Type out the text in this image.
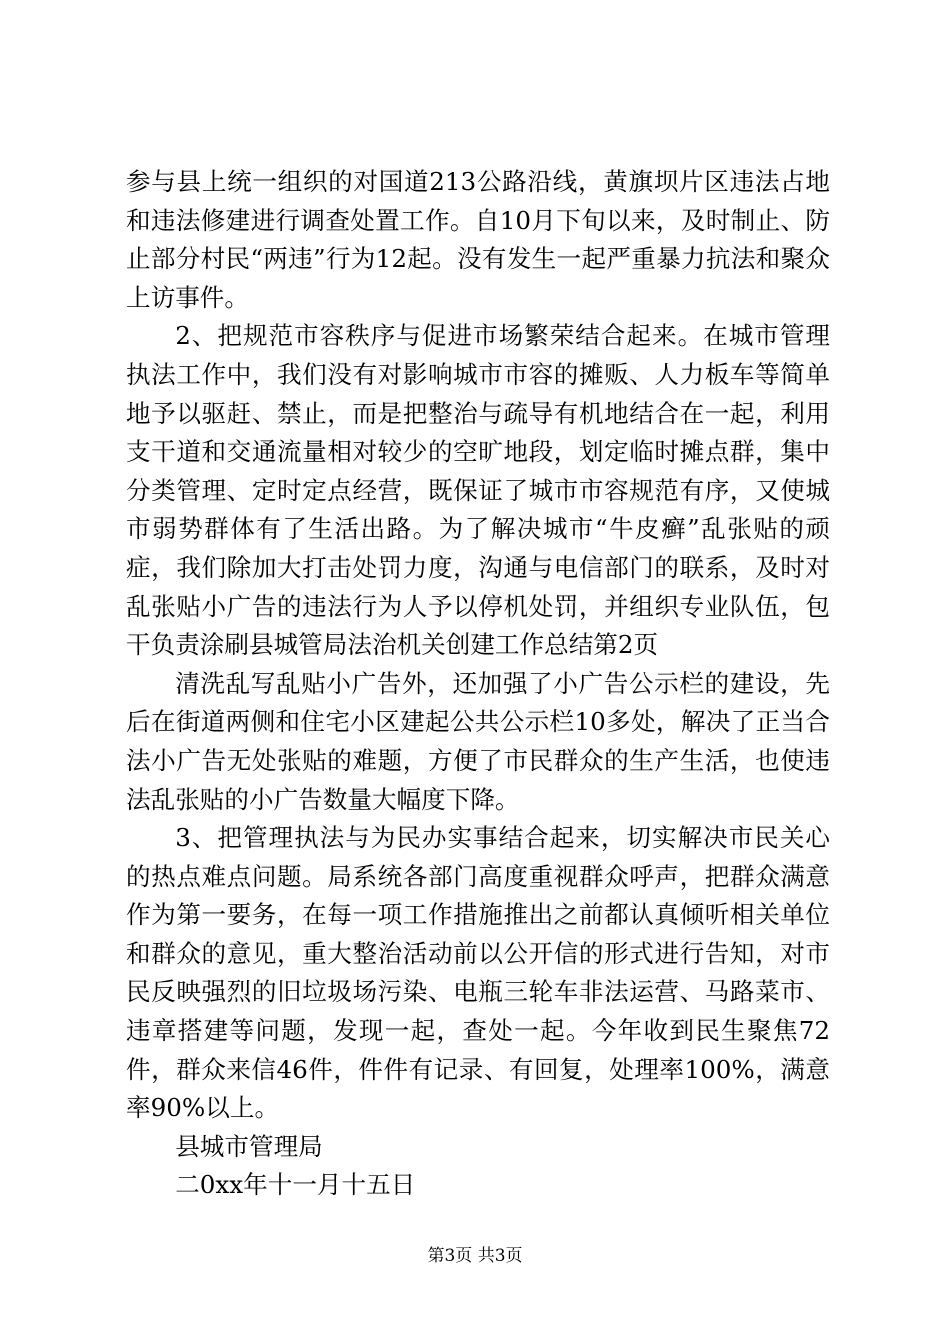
参与县上统一组织的对国道213公路沿线，黄旗坝片区违法占地和违法修建进行调查处置工作。自10月下旬以来，及时制止、防止部分村民“两违”行为12起。没有发生一起严重暴力抗法和聚众上访事件。

2、把规范市容秩序与促进市场繁荣结合起来。在城市管理执法工作中，我们没有对影响城市市容的摊贩、人力板车等简单地予以驱赶、禁止，而是把整治与疏导有机地结合在一起，利用支干道和交通流量相对较少的空旷地段，划定临时摊点群，集中分类管理、定时定点经营，既保证了城市市容规范有序，又使城市弱势群体有了生活出路。为了解决城市“牛皮癣”乱张贴的顽症，我们除加大打击处罚力度，沟通与电信部门的联系，及时对乱张贴小广告的违法行为人予以停机处罚，并组织专业队伍，包干负责涂刷县城管局法治机关创建工作总结第2页

清洗乱写乱贴小广告外，还加强了小广告公示栏的建设，先后在街道两侧和住宅小区建起公共公示栏10多处，解决了正当合法小广告无处张贴的难题，方便了市民群众的生产生活，也使违法乱张贴的小广告数量大幅度下降。

3、把管理执法与为民办实事结合起来，切实解决市民关心的热点难点问题。局系统各部门高度重视群众呼声，把群众满意作为第一要务，在每一项工作措施推出之前都认真倾听相关单位和群众的意见，重大整治活动前以公开信的形式进行告知，对市民反映强烈的旧垃圾场污染、电瓶三轮车非法运营、马路菜市、违章搭建等问题，发现一起，查处一起。今年收到民生聚焦72件，群众来信46件，件件有记录、有回复，处理率100%，满意率90%以上。

县城市管理局

二0xx年十一月十五日

第3页 共3页
